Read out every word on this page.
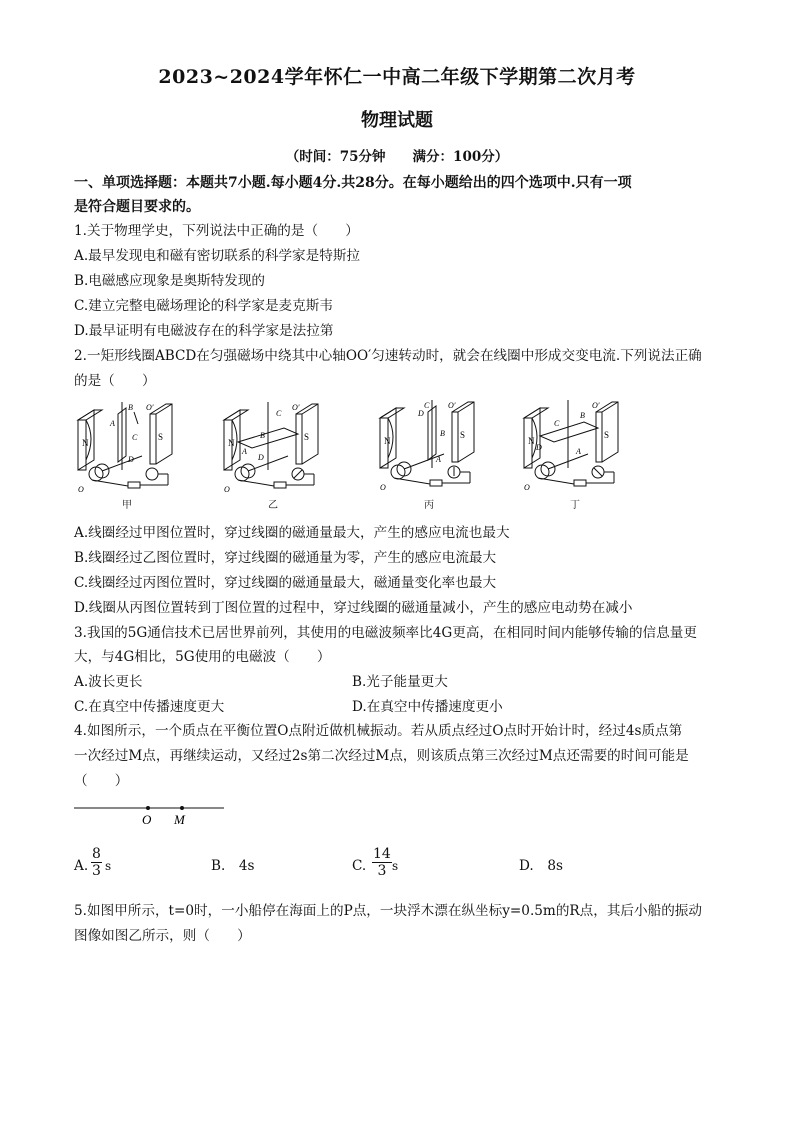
2023~2024学年怀仁一中高二年级下学期第二次月考
物理试题
（时间：75分钟　　满分：100分）
一、单项选择题：本题共7小题.每小题4分.共28分。在每小题给出的四个选项中.只有一项
是符合题目要求的。
1.关于物理学史，下列说法中正确的是（　　）
A.最早发现电和磁有密切联系的科学家是特斯拉
B.电磁感应现象是奥斯特发现的
C.建立完整电磁场理论的科学家是麦克斯韦
D.最早证明有电磁波存在的科学家是法拉第
2.一矩形线圈ABCD在匀强磁场中绕其中心轴OO′匀速转动时，就会在线圈中形成交变电流.下列说法正确
的是（　　）
N
S
A
B
C
D
O′
O
N
S
A
C
B
D
O′
O
N
S
D
C
B
A
O′
O
N
S
C
B
D	A
O′
O
甲	乙	丙	丁
A.线圈经过甲图位置时，穿过线圈的磁通量最大，产生的感应电流也最大
B.线圈经过乙图位置时，穿过线圈的磁通量为零，产生的感应电流最大
C.线圈经过丙图位置时，穿过线圈的磁通量最大，磁通量变化率也最大
D.线圈从丙图位置转到丁图位置的过程中，穿过线圈的磁通量减小，产生的感应电动势在减小
3.我国的5G通信技术已居世界前列，其使用的电磁波频率比4G更高，在相同时间内能够传输的信息量更
大，与4G相比，5G使用的电磁波（　　）
A.波长更长	B.光子能量更大
C.在真空中传播速度更大	D.在真空中传播速度更小
4.如图所示，一个质点在平衡位置O点附近做机械振动。若从质点经过O点时开始计时，经过4s质点第
一次经过M点，再继续运动，又经过2s第二次经过M点，则该质点第三次经过M点还需要的时间可能是
（　　）
O M
A. $\frac{8}{3}$ s	B.　4s	C. $\frac{14}{3}$ s	D.　8s
5.如图甲所示，t=0时，一小船停在海面上的P点，一块浮木漂在纵坐标y=0.5m的R点，其后小船的振动
图像如图乙所示，则（　　）
